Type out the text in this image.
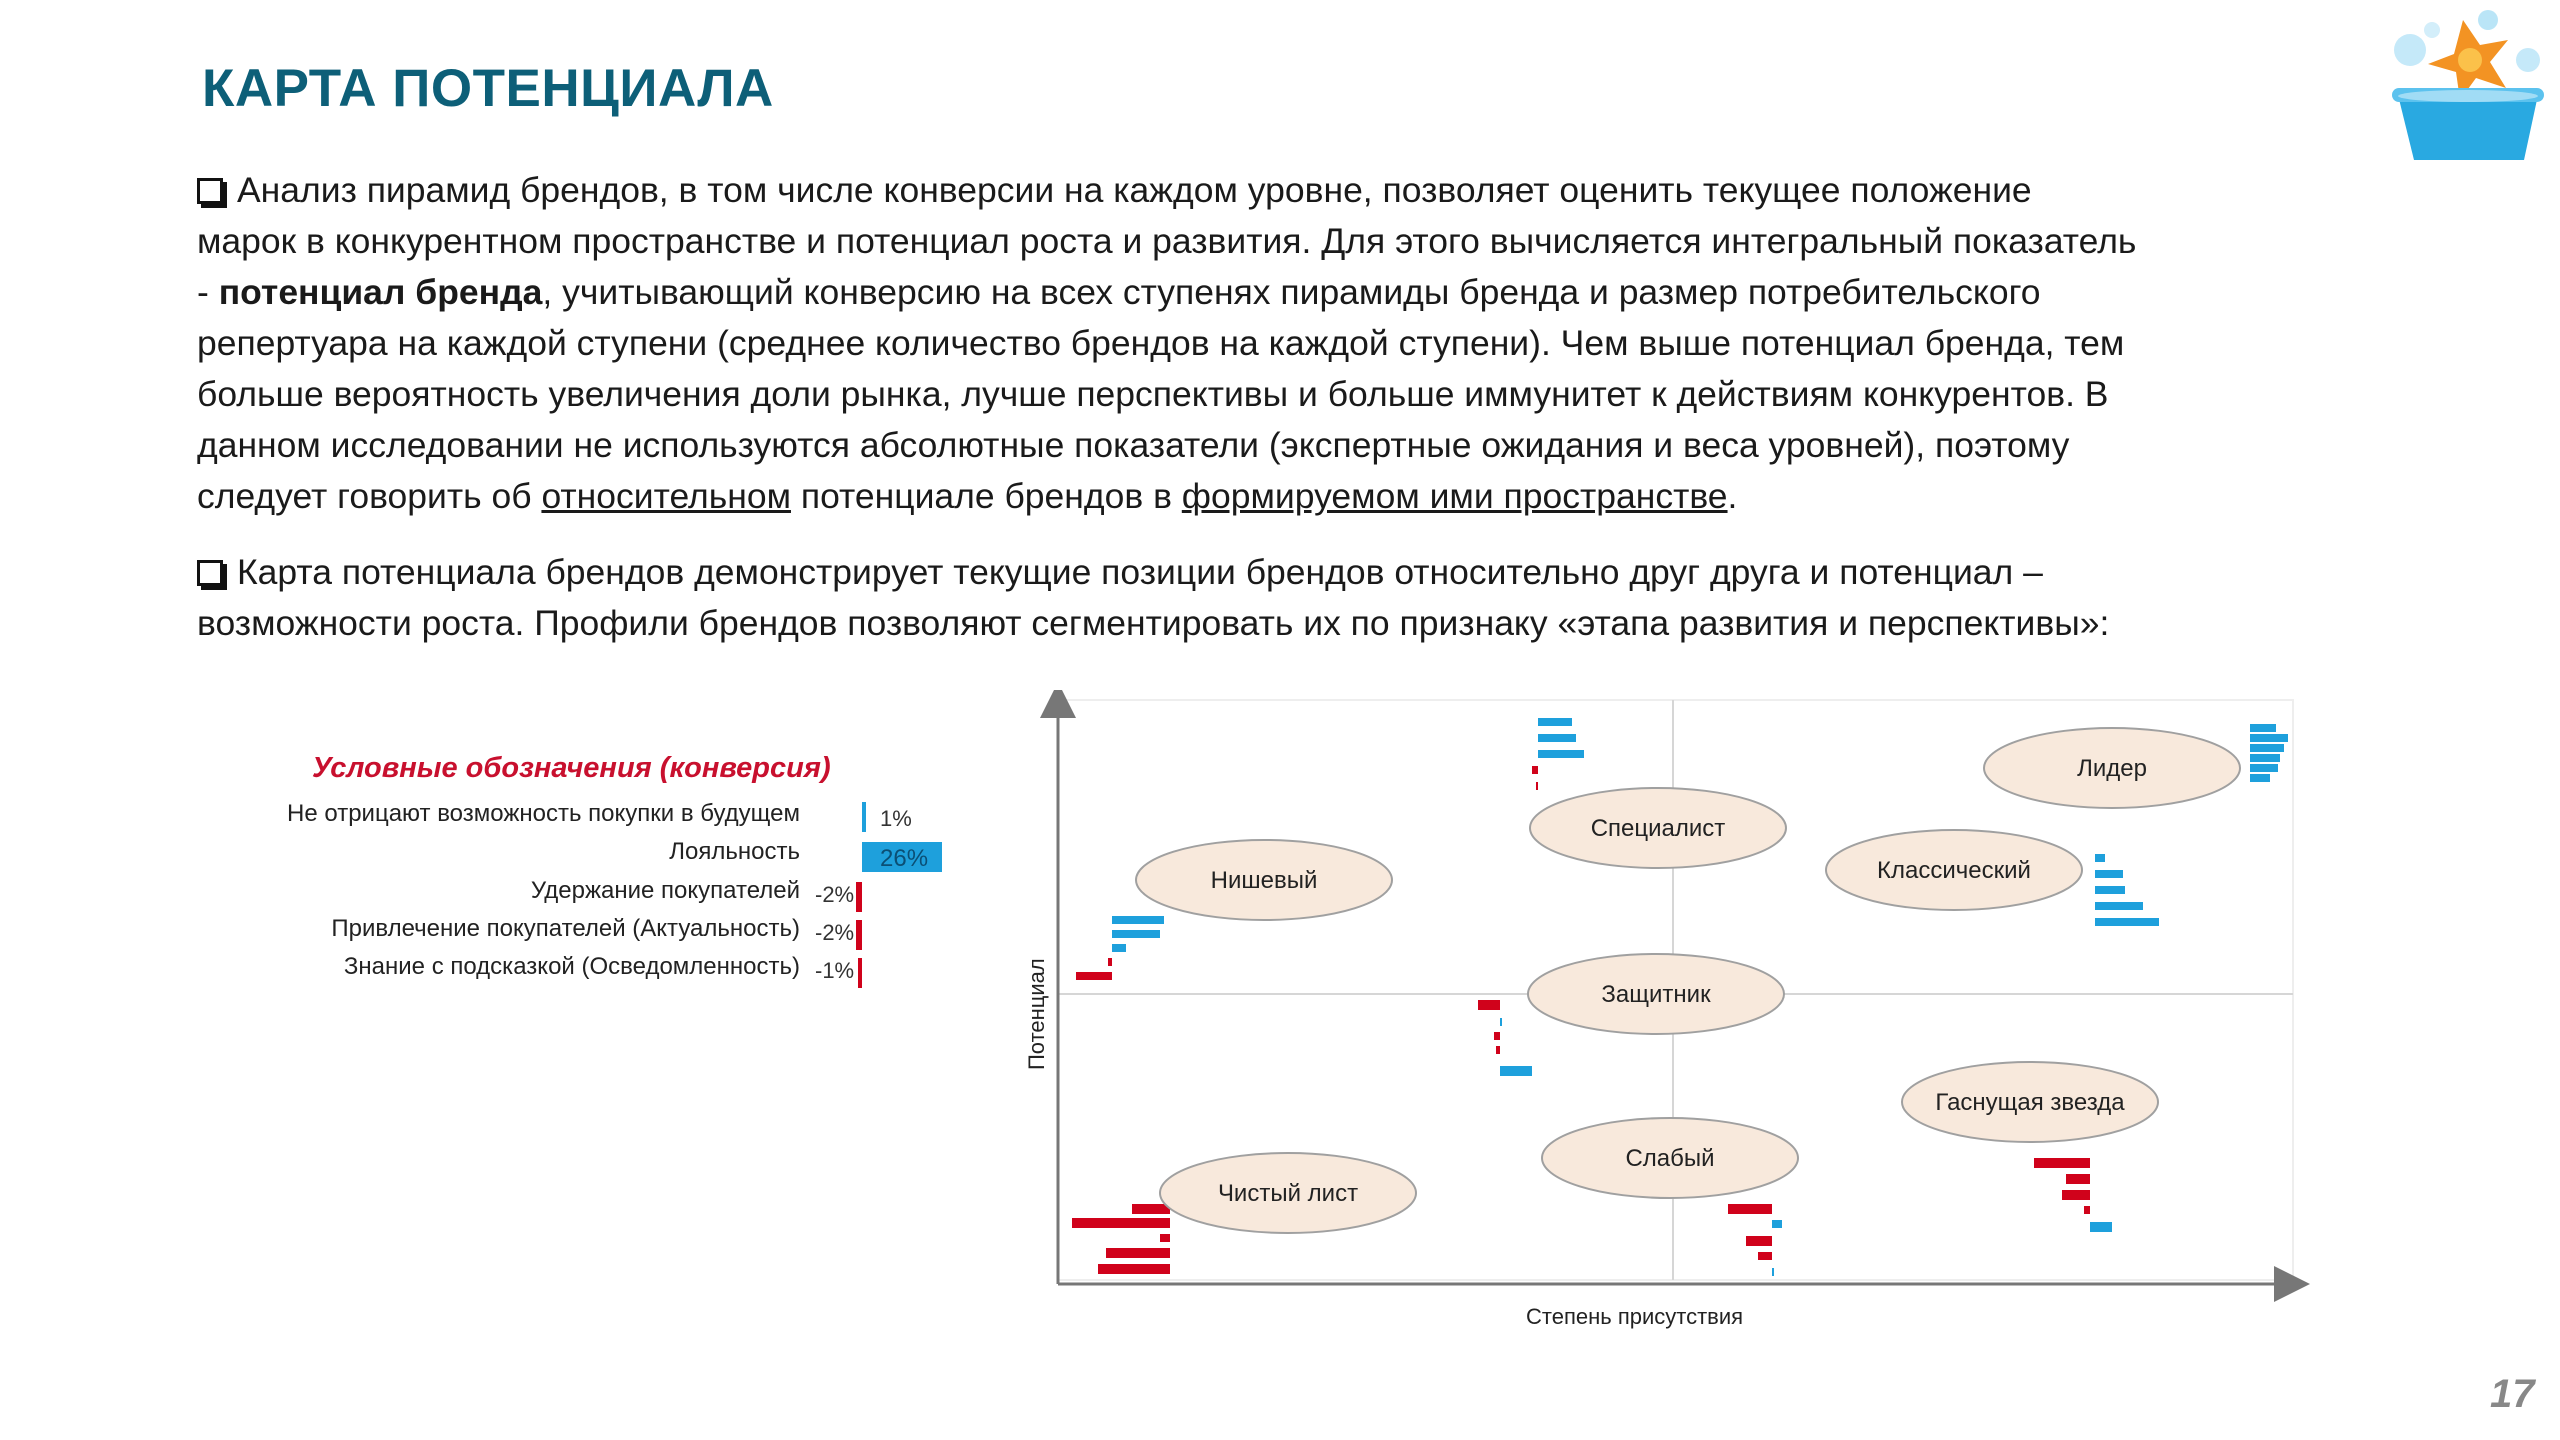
КАРТА ПОТЕНЦИАЛА
Анализ пирамид брендов, в том числе конверсии на каждом уровне, позволяет оценить текущее положение
марок в конкурентном пространстве и потенциал роста и развития. Для этого вычисляется интегральный показатель
- потенциал бренда, учитывающий конверсию на всех ступенях пирамиды бренда и размер потребительского
репертуара на каждой ступени (среднее количество брендов на каждой ступени). Чем выше потенциал бренда, тем
больше вероятность увеличения доли рынка, лучше перспективы и больше иммунитет к действиям конкурентов. В
данном исследовании не используются абсолютные показатели (экспертные ожидания и веса уровней), поэтому
следует говорить об относительном потенциале брендов в формируемом ими пространстве.
Карта потенциала брендов демонстрирует текущие позиции брендов относительно друг друга и потенциал –
возможности роста. Профили брендов позволяют сегментировать их по признаку «этапа развития и перспективы»:
Условные обозначения (конверсия)
Не отрицают возможность покупки в будущем	1%
Лояльность	26%
Удержание покупателей -2%
Привлечение покупателей (Актуальность) -2%
Знание с подсказкой (Осведомленность) -1%	Потенциал
Степень присутствия
Лидер
Специалист
Нишевый	Классический
Защитник
Гаснущая звезда
Слабый
Чистый лист
17
